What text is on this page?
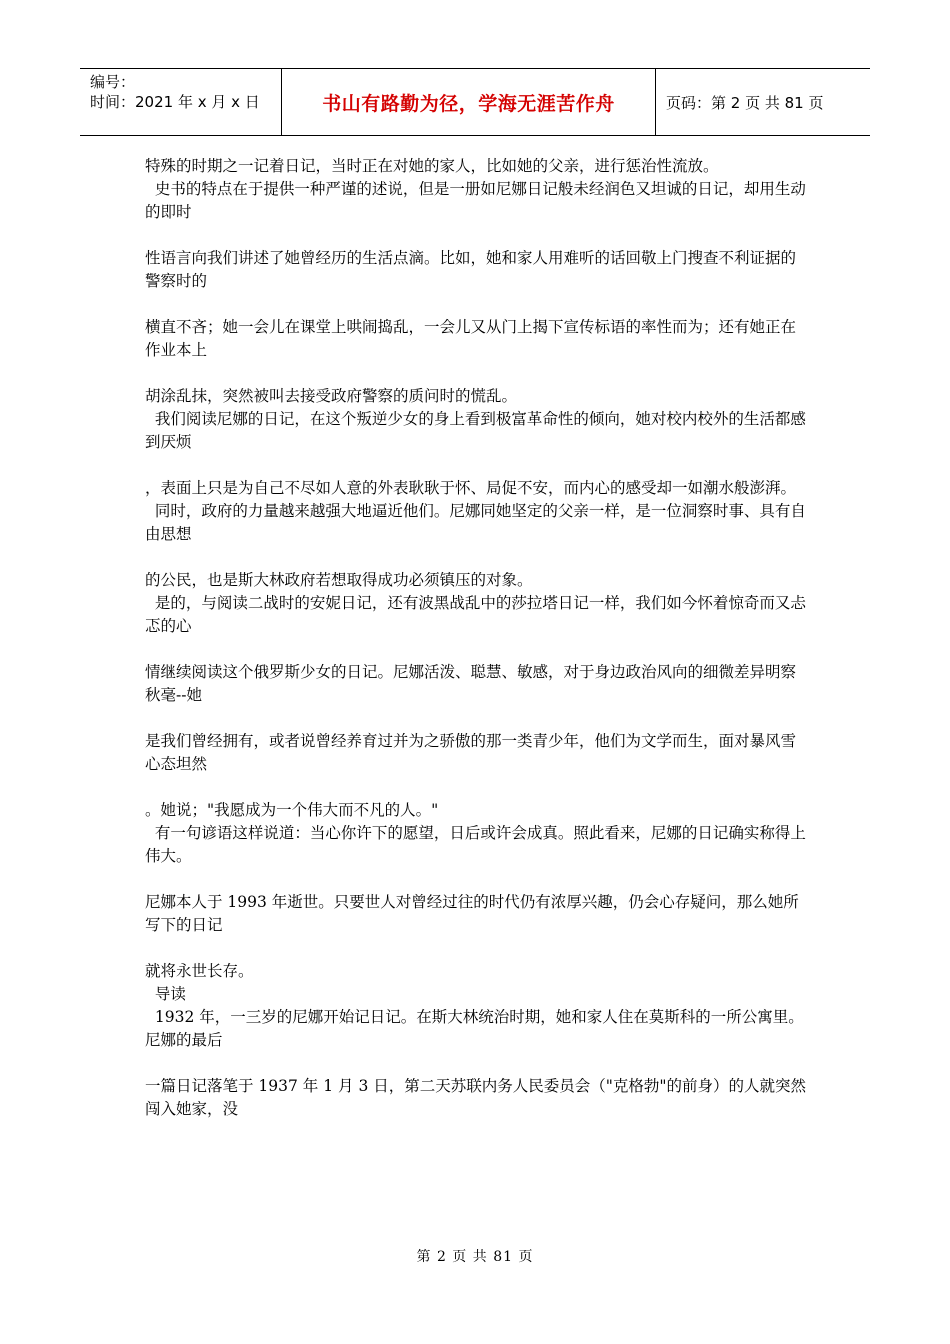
编号：
时间：2021 年 x 月 x 日	书山有路勤为径，学海无涯苦作舟	页码：第 2 页 共 81 页

特殊的时期之一记着日记，当时正在对她的家人，比如她的父亲，进行惩治性流放。

史书的特点在于提供一种严谨的述说，但是一册如尼娜日记般未经润色又坦诚的日记，却用生动的即时

性语言向我们讲述了她曾经历的生活点滴。比如，她和家人用难听的话回敬上门搜查不利证据的警察时的

横直不吝；她一会儿在课堂上哄闹捣乱，一会儿又从门上揭下宣传标语的率性而为；还有她正在作业本上

胡涂乱抹，突然被叫去接受政府警察的质问时的慌乱。

我们阅读尼娜的日记，在这个叛逆少女的身上看到极富革命性的倾向，她对校内校外的生活都感到厌烦

，表面上只是为自己不尽如人意的外表耿耿于怀、局促不安，而内心的感受却一如潮水般澎湃。

同时，政府的力量越来越强大地逼近他们。尼娜同她坚定的父亲一样，是一位洞察时事、具有自由思想

的公民，也是斯大林政府若想取得成功必须镇压的对象。

是的，与阅读二战时的安妮日记，还有波黑战乱中的莎拉塔日记一样，我们如今怀着惊奇而又忐忑的心

情继续阅读这个俄罗斯少女的日记。尼娜活泼、聪慧、敏感，对于身边政治风向的细微差异明察秋毫--她

是我们曾经拥有，或者说曾经养育过并为之骄傲的那一类青少年，他们为文学而生，面对暴风雪心态坦然

。她说；"我愿成为一个伟大而不凡的人。"

有一句谚语这样说道：当心你许下的愿望，日后或许会成真。照此看来，尼娜的日记确实称得上伟大。

尼娜本人于 1993 年逝世。只要世人对曾经过往的时代仍有浓厚兴趣，仍会心存疑问，那么她所写下的日记

就将永世长存。

导读

1932 年，一三岁的尼娜开始记日记。在斯大林统治时期，她和家人住在莫斯科的一所公寓里。尼娜的最后

一篇日记落笔于 1937 年 1 月 3 日，第二天苏联内务人民委员会（"克格勃"的前身）的人就突然闯入她家，没

第 2 页 共 81 页
